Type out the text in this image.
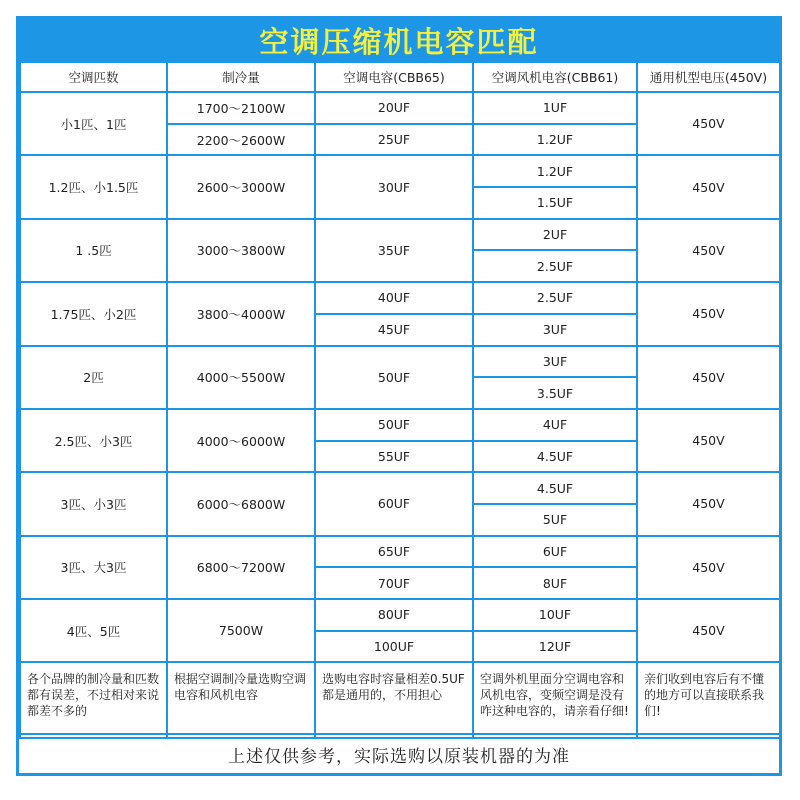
空调压缩机电容匹配
空调匹数	制冷量	空调电容(CBB65)	空调风机电容(CBB61)	通用机型电压(450V)
小1匹、1匹	1700～2100W	20UF	1UF	450V
	2200～2600W	25UF	1.2UF	
1.2匹、小1.5匹	2600～3000W	30UF	1.2UF	450V
			1.5UF	
1 .5匹	3000～3800W	35UF	2UF	450V
			2.5UF	
1.75匹、小2匹	3800～4000W	40UF	2.5UF	450V
		45UF	3UF	
2匹	4000～5500W	50UF	3UF	450V
			3.5UF	
2.5匹、小3匹	4000～6000W	50UF	4UF	450V
		55UF	4.5UF	
3匹、小3匹	6000～6800W	60UF	4.5UF	450V
			5UF	
3匹、大3匹	6800～7200W	65UF	6UF	450V
		70UF	8UF	
4匹、5匹	7500W	80UF	10UF	450V
		100UF	12UF	
各个品牌的制冷量和匹数都有误差，不过相对来说都差不多的	根据空调制冷量选购空调电容和风机电容	选购电容时容量相差0.5UF都是通用的，不用担心	空调外机里面分空调电容和风机电容，变频空调是没有咋这种电容的，请亲看仔细!	亲们收到电容后有不懂的地方可以直接联系我们!
上述仅供参考，实际选购以原装机器的为准
